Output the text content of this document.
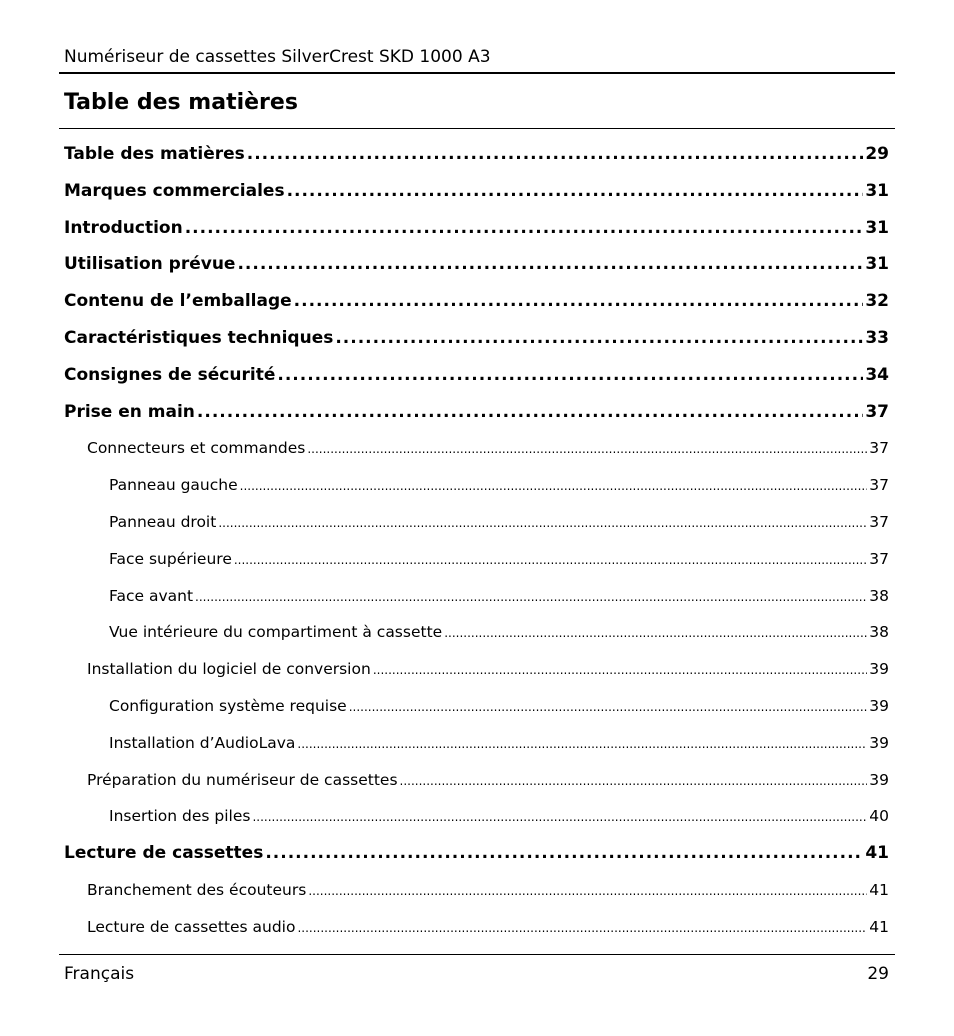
Numériseur de cassettes SilverCrest SKD 1000 A3
Table des matières
Table des matières .....	29
Marques commerciales .....	31
Introduction .....	31
Utilisation prévue .....	31
Contenu de l’emballage .....	32
Caractéristiques techniques .....	33
Consignes de sécurité .....	34
Prise en main .....	37
Connecteurs et commandes .....	37
Panneau gauche .....	37
Panneau droit .....	37
Face supérieure .....	37
Face avant .....	38
Vue intérieure du compartiment à cassette .....	38
Installation du logiciel de conversion .....	39
Configuration système requise .....	39
Installation d’AudioLava .....	39
Préparation du numériseur de cassettes .....	39
Insertion des piles .....	40
Lecture de cassettes .....	41
Branchement des écouteurs .....	41
Lecture de cassettes audio .....	41
Français	29
